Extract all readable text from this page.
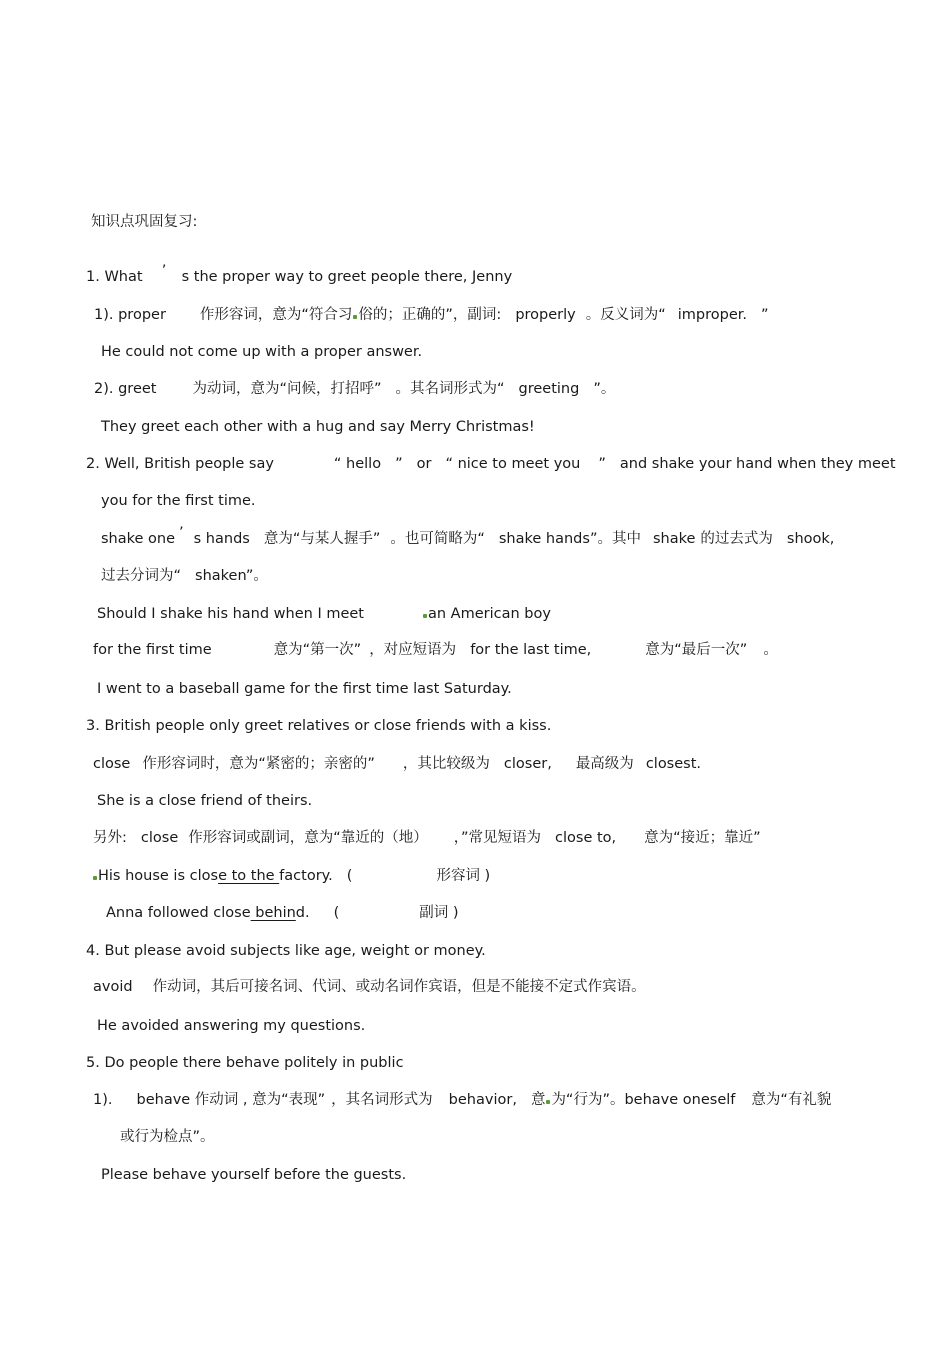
知识点巩固复习:
1. What ’ s the proper way to greet people there, Jenny
1). proper 作形容词，意为“符合习 俗的；正确的”，副词: properly 。反义词为“ improper. ”
He could not come up with a proper answer.
2). greet 为动词，意为“问候，打招呼” 。其名词形式为“ greeting ”。
They greet each other with a hug and say Merry Christmas!
2. Well, British people say	“ hello ” or “ nice to meet you ” and shake your hand when they meet
you for the first time.
shake one ’ s hands 意为“与某人握手” 。也可简略为“ shake hands”。其中 shake 的过去式为 shook,
过去分词为“ shaken”。
Should I shake his hand when I meet	an American boy
for the first time	意为“第一次” ，对应短语为 for the last time,	意为“最后一次” 。
I went to a baseball game for the first time last Saturday.
3. British people only greet relatives or close friends with a kiss.
close 作形容词时，意为“紧密的；亲密的” ，其比较级为 closer, 最高级为 closest.
She is a close friend of theirs.
另外: close 作形容词或副词，意为“靠近的（地） ，”常见短语为 close to, 意为“接近；靠近”
His house is close to the factory. (	形容词 )
Anna followed close behind. (	副词 )
4. But please avoid subjects like age, weight or money.
avoid 作动词，其后可接名词、代词、或动名词作宾语，但是不能接不定式作宾语。
He avoided answering my questions.
5. Do people there behave politely in public
1). behave 作动词 , 意为“表现” ，其名词形式为 behavior, 意 为“行为”。behave oneself 意为“有礼貌
或行为检点”。
Please behave yourself before the guests.
